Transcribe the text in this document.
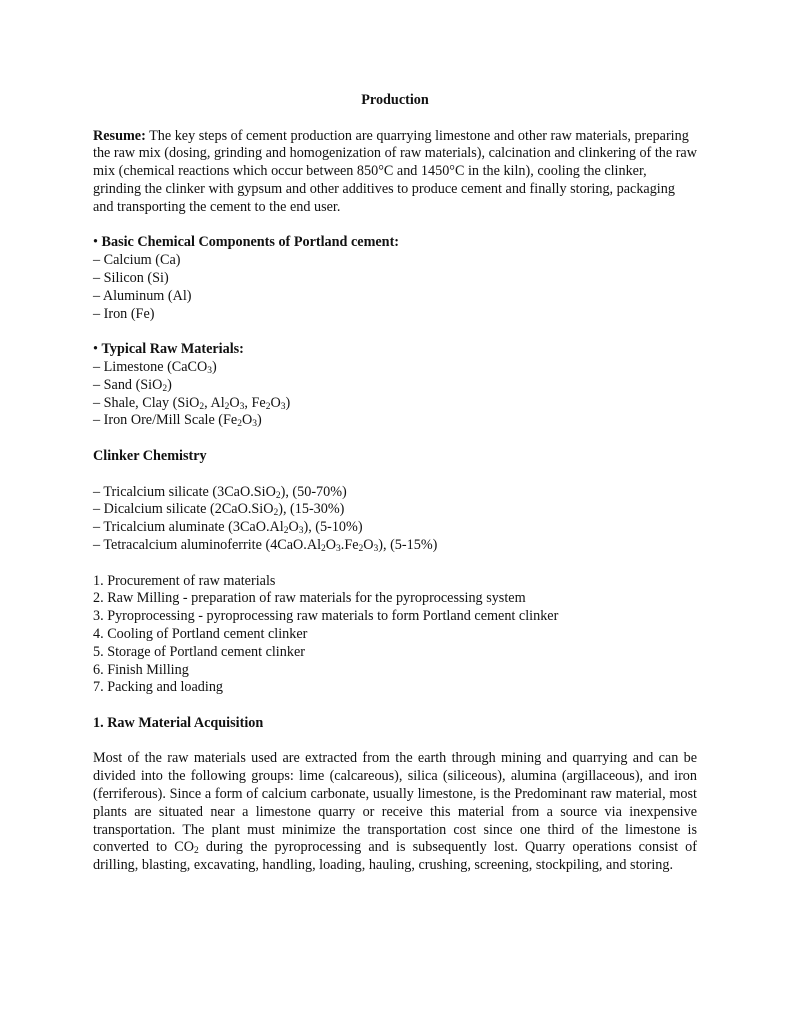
Production

Resume: The key steps of cement production are quarrying limestone and other raw materials, preparing the raw mix (dosing, grinding and homogenization of raw materials), calcination and clinkering of the raw mix (chemical reactions which occur between 850°C and 1450°C in the kiln), cooling the clinker, grinding the clinker with gypsum and other additives to produce cement and finally storing, packaging and transporting the cement to the end user.

• Basic Chemical Components of Portland cement:
– Calcium (Ca)
– Silicon (Si)
– Aluminum (Al)
– Iron (Fe)
• Typical Raw Materials:
– Limestone (CaCO$_3$)
– Sand (SiO$_2$)
– Shale, Clay (SiO$_2$, $Al_2O_3$, $Fe_2O_3$)
– Iron Ore/Mill Scale $(Fe_2O_3)$

Clinker Chemistry

– Tricalcium silicate (3CaO.SiO$_2$), (50-70%)
– Dicalcium silicate (2CaO.SiO$_2$), (15-30%)
– Tricalcium aluminate $(3CaO.Al_2O_3)$, (5-10%)
– Tetracalcium aluminoferrite $(4CaO.Al_2O_3.Fe_2O_3)$, (5-15%)
1. Procurement of raw materials
2. Raw Milling - preparation of raw materials for the pyroprocessing system
3. Pyroprocessing - pyroprocessing raw materials to form Portland cement clinker
4. Cooling of Portland cement clinker
5. Storage of Portland cement clinker
6. Finish Milling
7. Packing and loading

1. Raw Material Acquisition

Most of the raw materials used are extracted from the earth through mining and quarrying and can be divided into the following groups: lime (calcareous), silica (siliceous), alumina (argillaceous), and iron (ferriferous). Since a form of calcium carbonate, usually limestone, is the Predominant raw material, most plants are situated near a limestone quarry or receive this material from a source via inexpensive transportation. The plant must minimize the transportation cost since one third of the limestone is converted to $CO_2$ during the pyroprocessing and is subsequently lost. Quarry operations consist of drilling, blasting, excavating, handling, loading, hauling, crushing, screening, stockpiling, and storing.
